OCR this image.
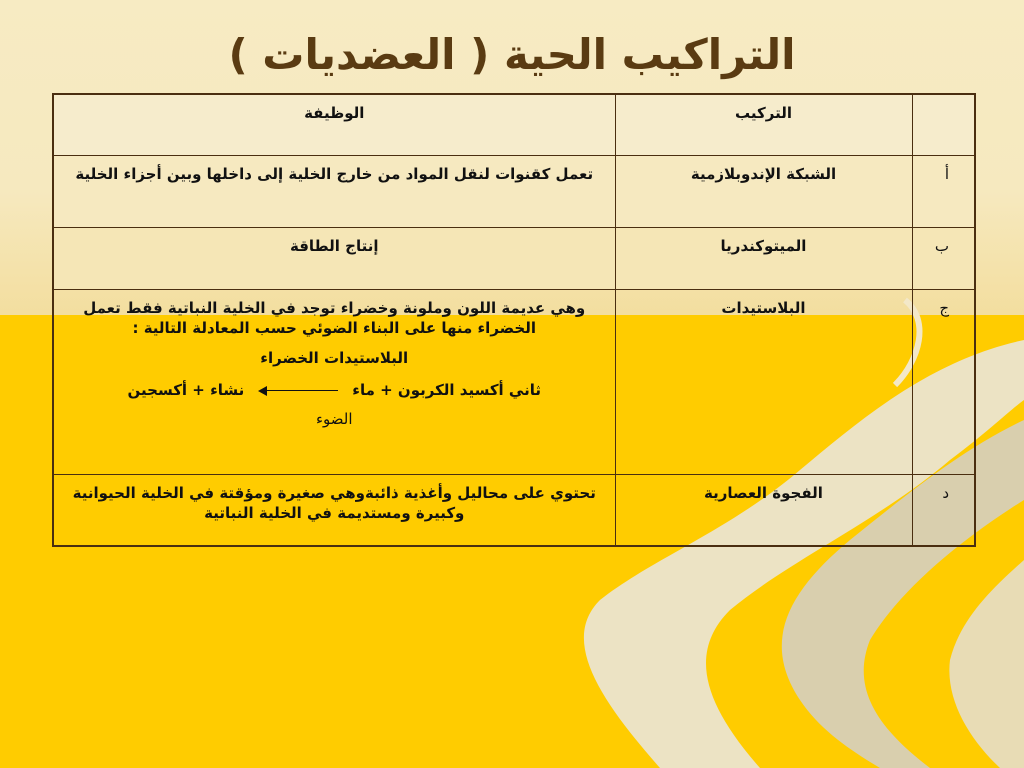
التراكيب الحية ( العضديات )
	التركيب	الوظيفة
أ	الشبكة الإندوبلازمية	تعمل كقنوات لنقل المواد من خارج الخلية إلى داخلها وبين أجزاء الخلية
ب	الميتوكندريا	إنتاج الطاقة
ج	البلاستيدات	وهي عديمة اللون وملونة وخضراء توجد في الخلية النباتية فقط تعمل الخضراء منها على البناء الضوئي حسب المعادلة التالية :
البلاستيدات الخضراء
ثاني أكسيد الكربون + ماء
نشاء + أكسجين
الضوء

د	الفجوة العصارية	تحتوي على محاليل وأغذية ذائبةوهي صغيرة ومؤقتة في الخلية الحيوانية وكبيرة ومستديمة في الخلية النباتية
